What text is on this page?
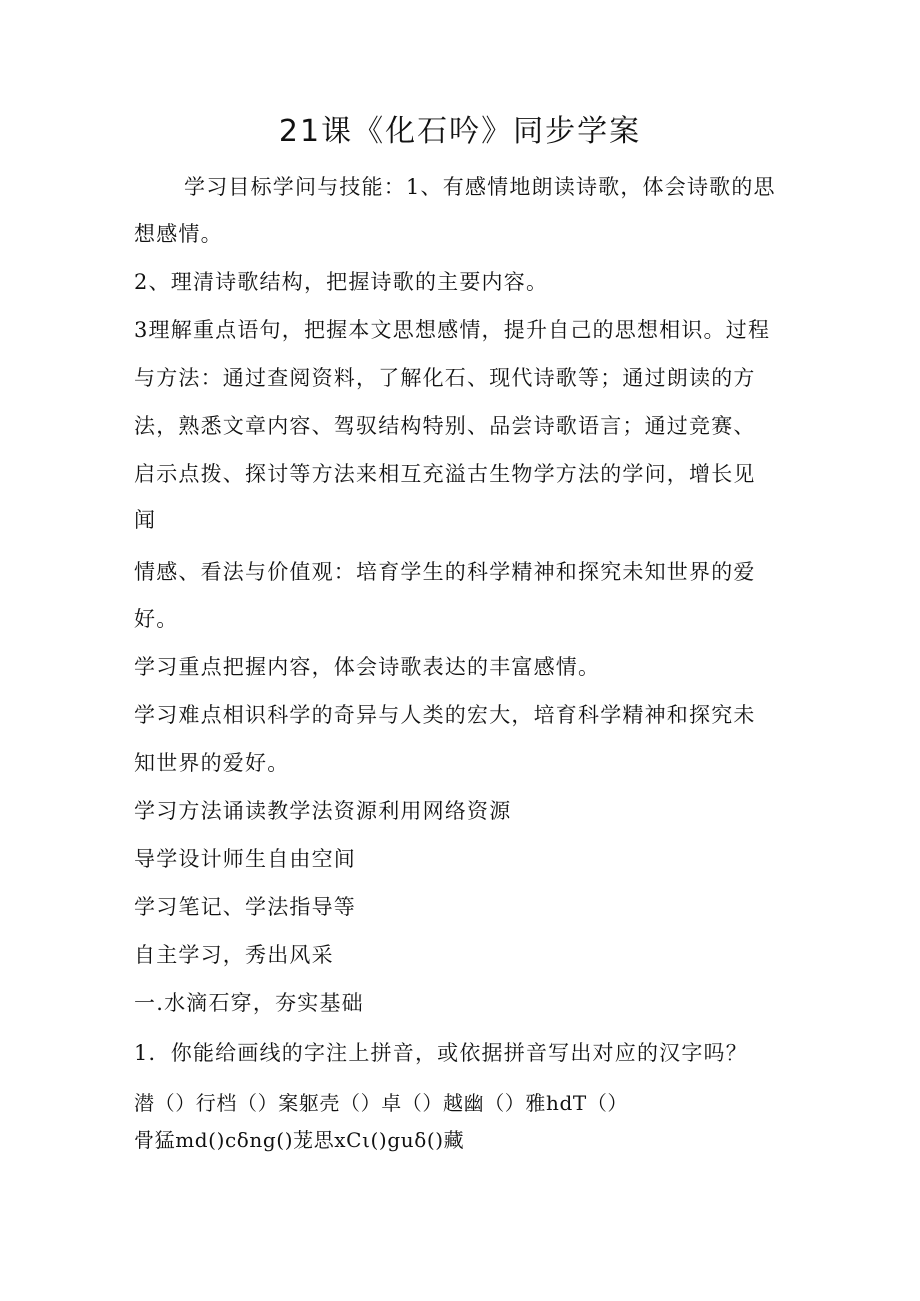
21课《化石吟》同步学案
学习目标学问与技能：1、有感情地朗读诗歌，体会诗歌的思
想感情。
2、理清诗歌结构，把握诗歌的主要内容。
3理解重点语句，把握本文思想感情，提升自己的思想相识。过程
与方法：通过查阅资料，了解化石、现代诗歌等；通过朗读的方
法，熟悉文章内容、驾驭结构特别、品尝诗歌语言；通过竞赛、
启示点拨、探讨等方法来相互充溢古生物学方法的学问，增长见
闻
情感、看法与价值观：培育学生的科学精神和探究未知世界的爱
好。
学习重点把握内容，体会诗歌表达的丰富感情。
学习难点相识科学的奇异与人类的宏大，培育科学精神和探究未
知世界的爱好。
学习方法诵读教学法资源利用网络资源
导学设计师生自由空间
学习笔记、学法指导等
自主学习，秀出风采
一.水滴石穿，夯实基础
1．你能给画线的字注上拼音，或依据拼音写出对应的汉字吗？
潜（）行档（）案躯壳（）卓（）越幽（）雅hdT（）
骨猛md()cδng()茏思xCι()guδ()藏
